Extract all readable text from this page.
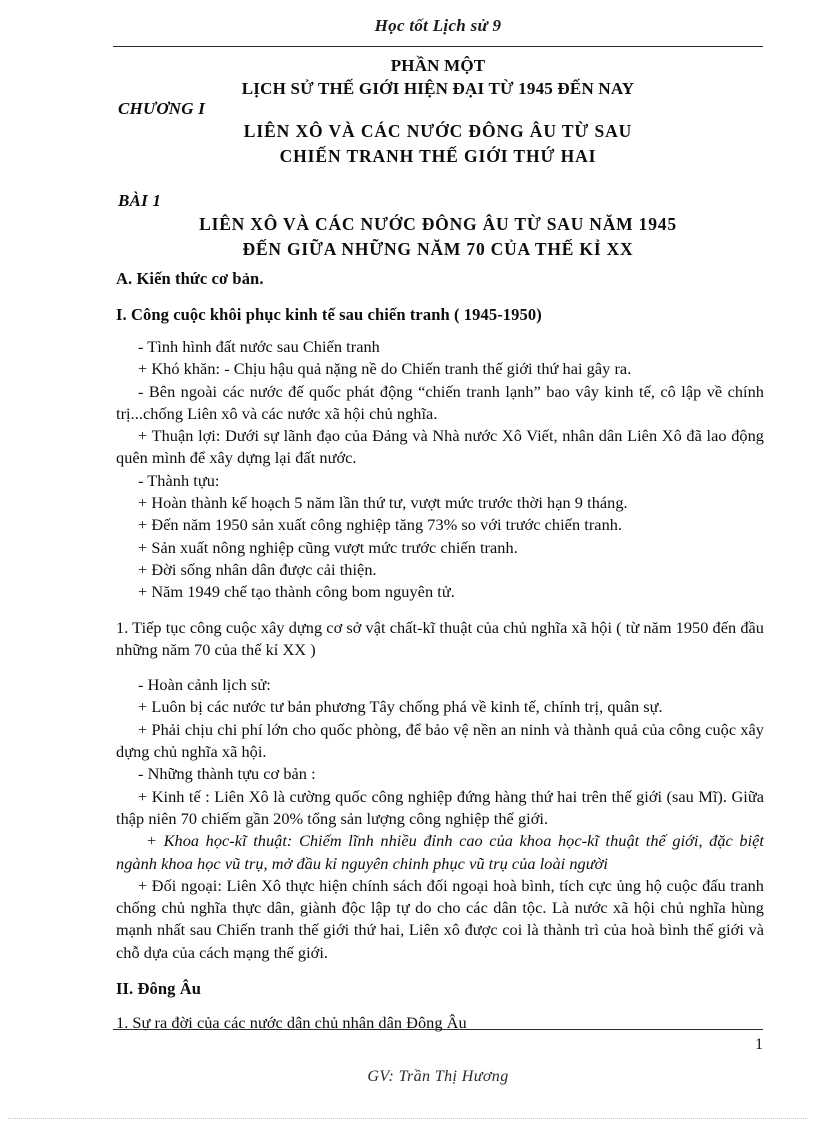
Học tốt Lịch sử 9
PHẦN MỘT
LỊCH SỬ THẾ GIỚI HIỆN ĐẠI TỪ 1945 ĐẾN NAY
CHƯƠNG I
LIÊN XÔ VÀ CÁC NƯỚC ĐÔNG ÂU TỪ SAU
CHIẾN TRANH THẾ GIỚI THỨ HAI
BÀI 1
LIÊN XÔ VÀ CÁC NƯỚC ĐÔNG ÂU TỪ SAU NĂM 1945
ĐẾN GIỮA NHỮNG NĂM 70 CỦA THẾ KỈ XX
A. Kiến thức cơ bản.
I. Công cuộc khôi phục kinh tế sau chiến tranh ( 1945-1950)

- Tình hình đất nước sau Chiến tranh

+ Khó khăn: - Chịu hậu quả nặng nề do Chiến tranh thế giới thứ hai gây ra.

- Bên ngoài các nước đế quốc phát động “chiến tranh lạnh” bao vây kinh tế, cô lập về chính trị...chống Liên xô và các nước xã hội chủ nghĩa.

+ Thuận lợi: Dưới sự lãnh đạo của Đảng và Nhà nước Xô Viết, nhân dân Liên Xô đã lao động quên mình để xây dựng lại đất nước.

- Thành tựu:

+ Hoàn thành kế hoạch 5 năm lần thứ tư, vượt mức trước thời hạn 9 tháng.

+ Đến năm 1950 sản xuất công nghiệp tăng 73% so với trước chiến tranh.

+ Sản xuất nông nghiệp cũng vượt mức trước chiến tranh.

+ Đời sống nhân dân được cải thiện.

+ Năm 1949 chế tạo thành công bom nguyên tử.

1. Tiếp tục công cuộc xây dựng cơ sở vật chất-kĩ thuật của chủ nghĩa xã hội ( từ năm 1950 đến đầu những năm 70 của thế kỉ XX )

- Hoàn cảnh lịch sử:

+ Luôn bị các nước tư bản phương Tây chống phá về kinh tế, chính trị, quân sự.

+ Phải chịu chi phí lớn cho quốc phòng, để bảo vệ nền an ninh và thành quả của công cuộc xây dựng chủ nghĩa xã hội.

- Những thành tựu cơ bản :

+ Kinh tế : Liên Xô là cường quốc công nghiệp đứng hàng thứ hai trên thế giới (sau Mĩ). Giữa thập niên 70 chiếm gần 20% tổng sản lượng công nghiệp thế giới.

+ Khoa học-kĩ thuật: Chiếm lĩnh nhiều đỉnh cao của khoa học-kĩ thuật thế giới, đặc biệt ngành khoa học vũ trụ, mở đầu kỉ nguyên chinh phục vũ trụ của loài người

+ Đối ngoại: Liên Xô thực hiện chính sách đối ngoại hoà bình, tích cực ủng hộ cuộc đấu tranh chống chủ nghĩa thực dân, giành độc lập tự do cho các dân tộc. Là nước xã hội chủ nghĩa hùng mạnh nhất sau Chiến tranh thế giới thứ hai, Liên xô được coi là thành trì của hoà bình thế giới và chỗ dựa của cách mạng thế giới.

II. Đông Âu

1. Sự ra đời của các nước dân chủ nhân dân Đông Âu

1
GV: Trần Thị Hương
